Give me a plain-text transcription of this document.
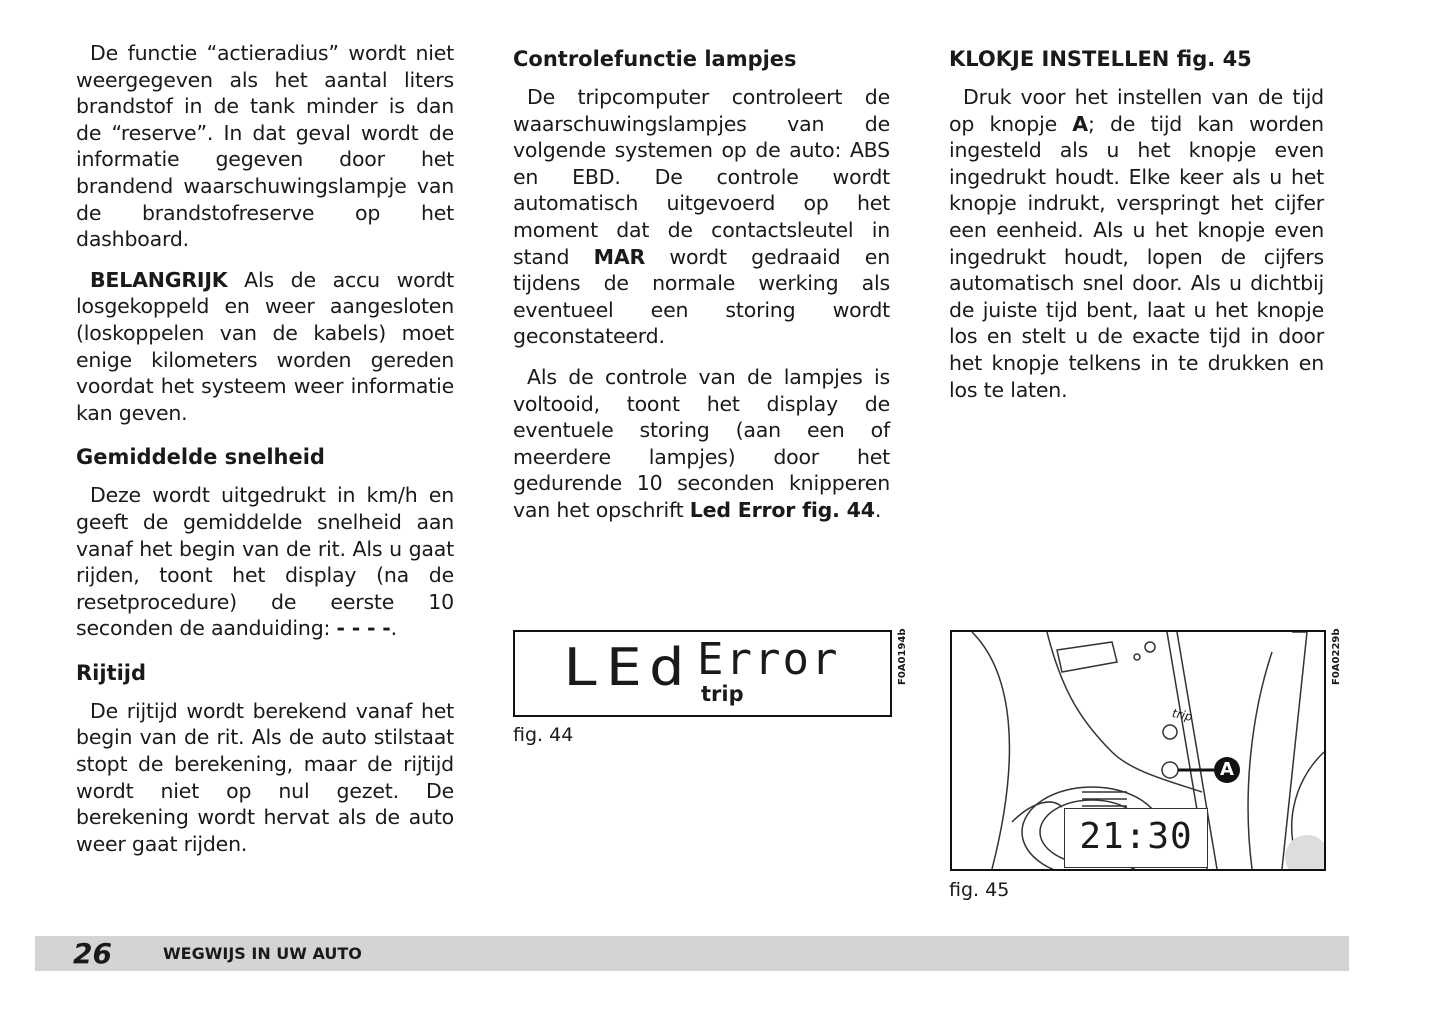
De functie “actieradius” wordt niet weergegeven als het aantal liters brandstof in de tank minder is dan de “reserve”. In dat geval wordt de informatie gegeven door het brandend waarschuwingslampje van de brandstofreserve op het dashboard.

BELANGRIJK Als de accu wordt losgekoppeld en weer aangesloten (loskoppelen van de kabels) moet enige kilometers worden gereden voordat het systeem weer informatie kan geven.

Gemiddelde snelheid

Deze wordt uitgedrukt in km/h en geeft de gemiddelde snelheid aan vanaf het begin van de rit. Als u gaat rijden, toont het display (na de resetprocedure) de eerste 10 seconden de aanduiding: - - - -.

Rijtijd

De rijtijd wordt berekend vanaf het begin van de rit. Als de auto stilstaat stopt de berekening, maar de rijtijd wordt niet op nul gezet. De berekening wordt hervat als de auto weer gaat rijden.

Controlefunctie lampjes

De tripcomputer controleert de waarschuwingslampjes van de volgende systemen op de auto: ABS en EBD. De controle wordt automatisch uitgevoerd op het moment dat de contactsleutel in stand MAR wordt gedraaid en tijdens de normale werking als eventueel een storing wordt geconstateerd.

Als de controle van de lampjes is voltooid, toont het display de eventuele storing (aan een of meerdere lampjes) door het gedurende 10 seconden knipperen van het opschrift Led Error fig. 44.

KLOKJE INSTELLEN fig. 45

Druk voor het instellen van de tijd op knopje A; de tijd kan worden ingesteld als u het knopje even ingedrukt houdt. Elke keer als u het knopje indrukt, verspringt het cijfer een eenheid. Als u het knopje even ingedrukt houdt, lopen de cijfers automatisch snel door. Als u dichtbij de juiste tijd bent, laat u het knopje los en stelt u de exacte tijd in door het knopje telkens in te drukken en los te laten.

LEd Error
trip
F0A0194b
fig. 44
trip
A
21:30
F0A0229b
fig. 45
26	WEGWIJS IN UW AUTO
